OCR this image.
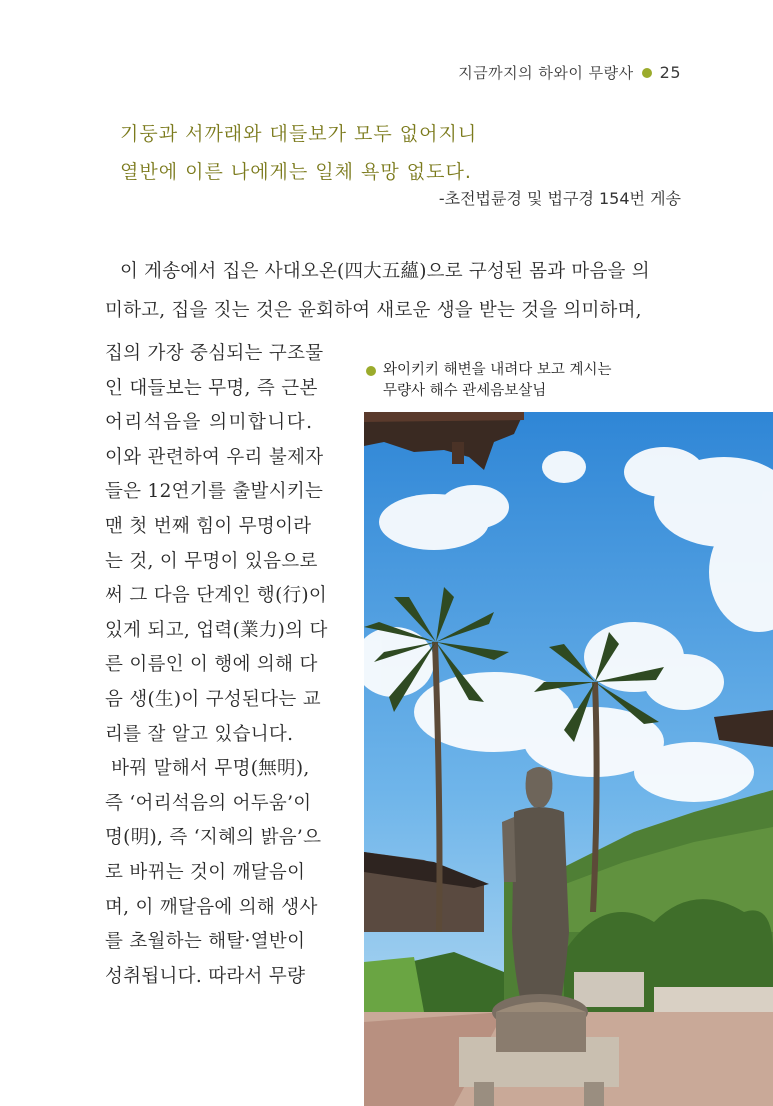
지금까지의 하와이 무량사 25
기둥과 서까래와 대들보가 모두 없어지니
열반에 이른 나에게는 일체 욕망 없도다.
-초전법륜경 및 법구경 154번 게송
이 게송에서 집은 사대오온(四大五蘊)으로 구성된 몸과 마음을 의
미하고, 집을 짓는 것은 윤회하여 새로운 생을 받는 것을 의미하며,
집의 가장 중심되는 구조물
인 대들보는 무명, 즉 근본
어리석음을 의미합니다.
이와 관련하여 우리 불제자
들은 12연기를 출발시키는
맨 첫 번째 힘이 무명이라
는 것, 이 무명이 있음으로
써 그 다음 단계인 행(行)이
있게 되고, 업력(業力)의 다
른 이름인 이 행에 의해 다
음 생(生)이 구성된다는 교
리를 잘 알고 있습니다.
바꿔 말해서 무명(無明),
즉 ‘어리석음의 어두움’이
명(明), 즉 ‘지혜의 밝음’으
로 바뀌는 것이 깨달음이
며, 이 깨달음에 의해 생사
를 초월하는 해탈·열반이
성취됩니다. 따라서 무량
와이키키 해변을 내려다 보고 계시는
무량사 해수 관세음보살님
